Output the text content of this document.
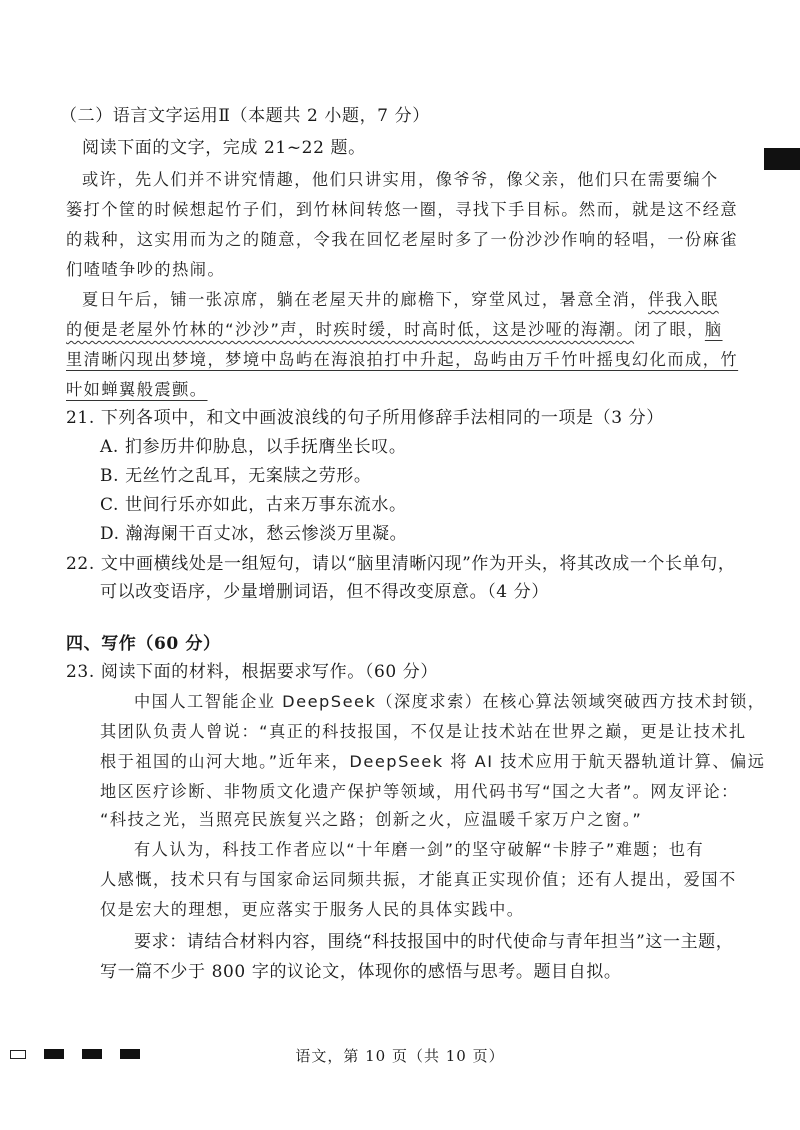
（二）语言文字运用Ⅱ（本题共 2 小题，7 分）
阅读下面的文字，完成 21~22 题。
或许，先人们并不讲究情趣，他们只讲实用，像爷爷，像父亲，他们只在需要编个
篓打个筐的时候想起竹子们，到竹林间转悠一圈，寻找下手目标。然而，就是这不经意
的栽种，这实用而为之的随意，令我在回忆老屋时多了一份沙沙作响的轻唱，一份麻雀
们喳喳争吵的热闹。
夏日午后，铺一张凉席，躺在老屋天井的廊檐下，穿堂风过，暑意全消，伴我入眠
的便是老屋外竹林的“沙沙”声，时疾时缓，时高时低，这是沙哑的海潮。闭了眼，脑
里清晰闪现出梦境，梦境中岛屿在海浪拍打中升起，岛屿由万千竹叶摇曳幻化而成，竹
叶如蝉翼般震颤。
21. 下列各项中，和文中画波浪线的句子所用修辞手法相同的一项是（3 分）
A. 扪参历井仰胁息，以手抚膺坐长叹。
B. 无丝竹之乱耳，无案牍之劳形。
C. 世间行乐亦如此，古来万事东流水。
D. 瀚海阑干百丈冰，愁云惨淡万里凝。
22. 文中画横线处是一组短句，请以“脑里清晰闪现”作为开头，将其改成一个长单句，
可以改变语序，少量增删词语，但不得改变原意。（4 分）
四、写作（60 分）
23. 阅读下面的材料，根据要求写作。（60 分）
中国人工智能企业 DeepSeek（深度求索）在核心算法领域突破西方技术封锁，
其团队负责人曾说：“真正的科技报国，不仅是让技术站在世界之巅，更是让技术扎
根于祖国的山河大地。”近年来，DeepSeek 将 AI 技术应用于航天器轨道计算、偏远
地区医疗诊断、非物质文化遗产保护等领域，用代码书写“国之大者”。网友评论：
“科技之光，当照亮民族复兴之路；创新之火，应温暖千家万户之窗。”
有人认为，科技工作者应以“十年磨一剑”的坚守破解“卡脖子”难题；也有
人感慨，技术只有与国家命运同频共振，才能真正实现价值；还有人提出，爱国不
仅是宏大的理想，更应落实于服务人民的具体实践中。
要求：请结合材料内容，围绕“科技报国中的时代使命与青年担当”这一主题，
写一篇不少于 800 字的议论文，体现你的感悟与思考。题目自拟。
语文，第 10 页（共 10 页）
